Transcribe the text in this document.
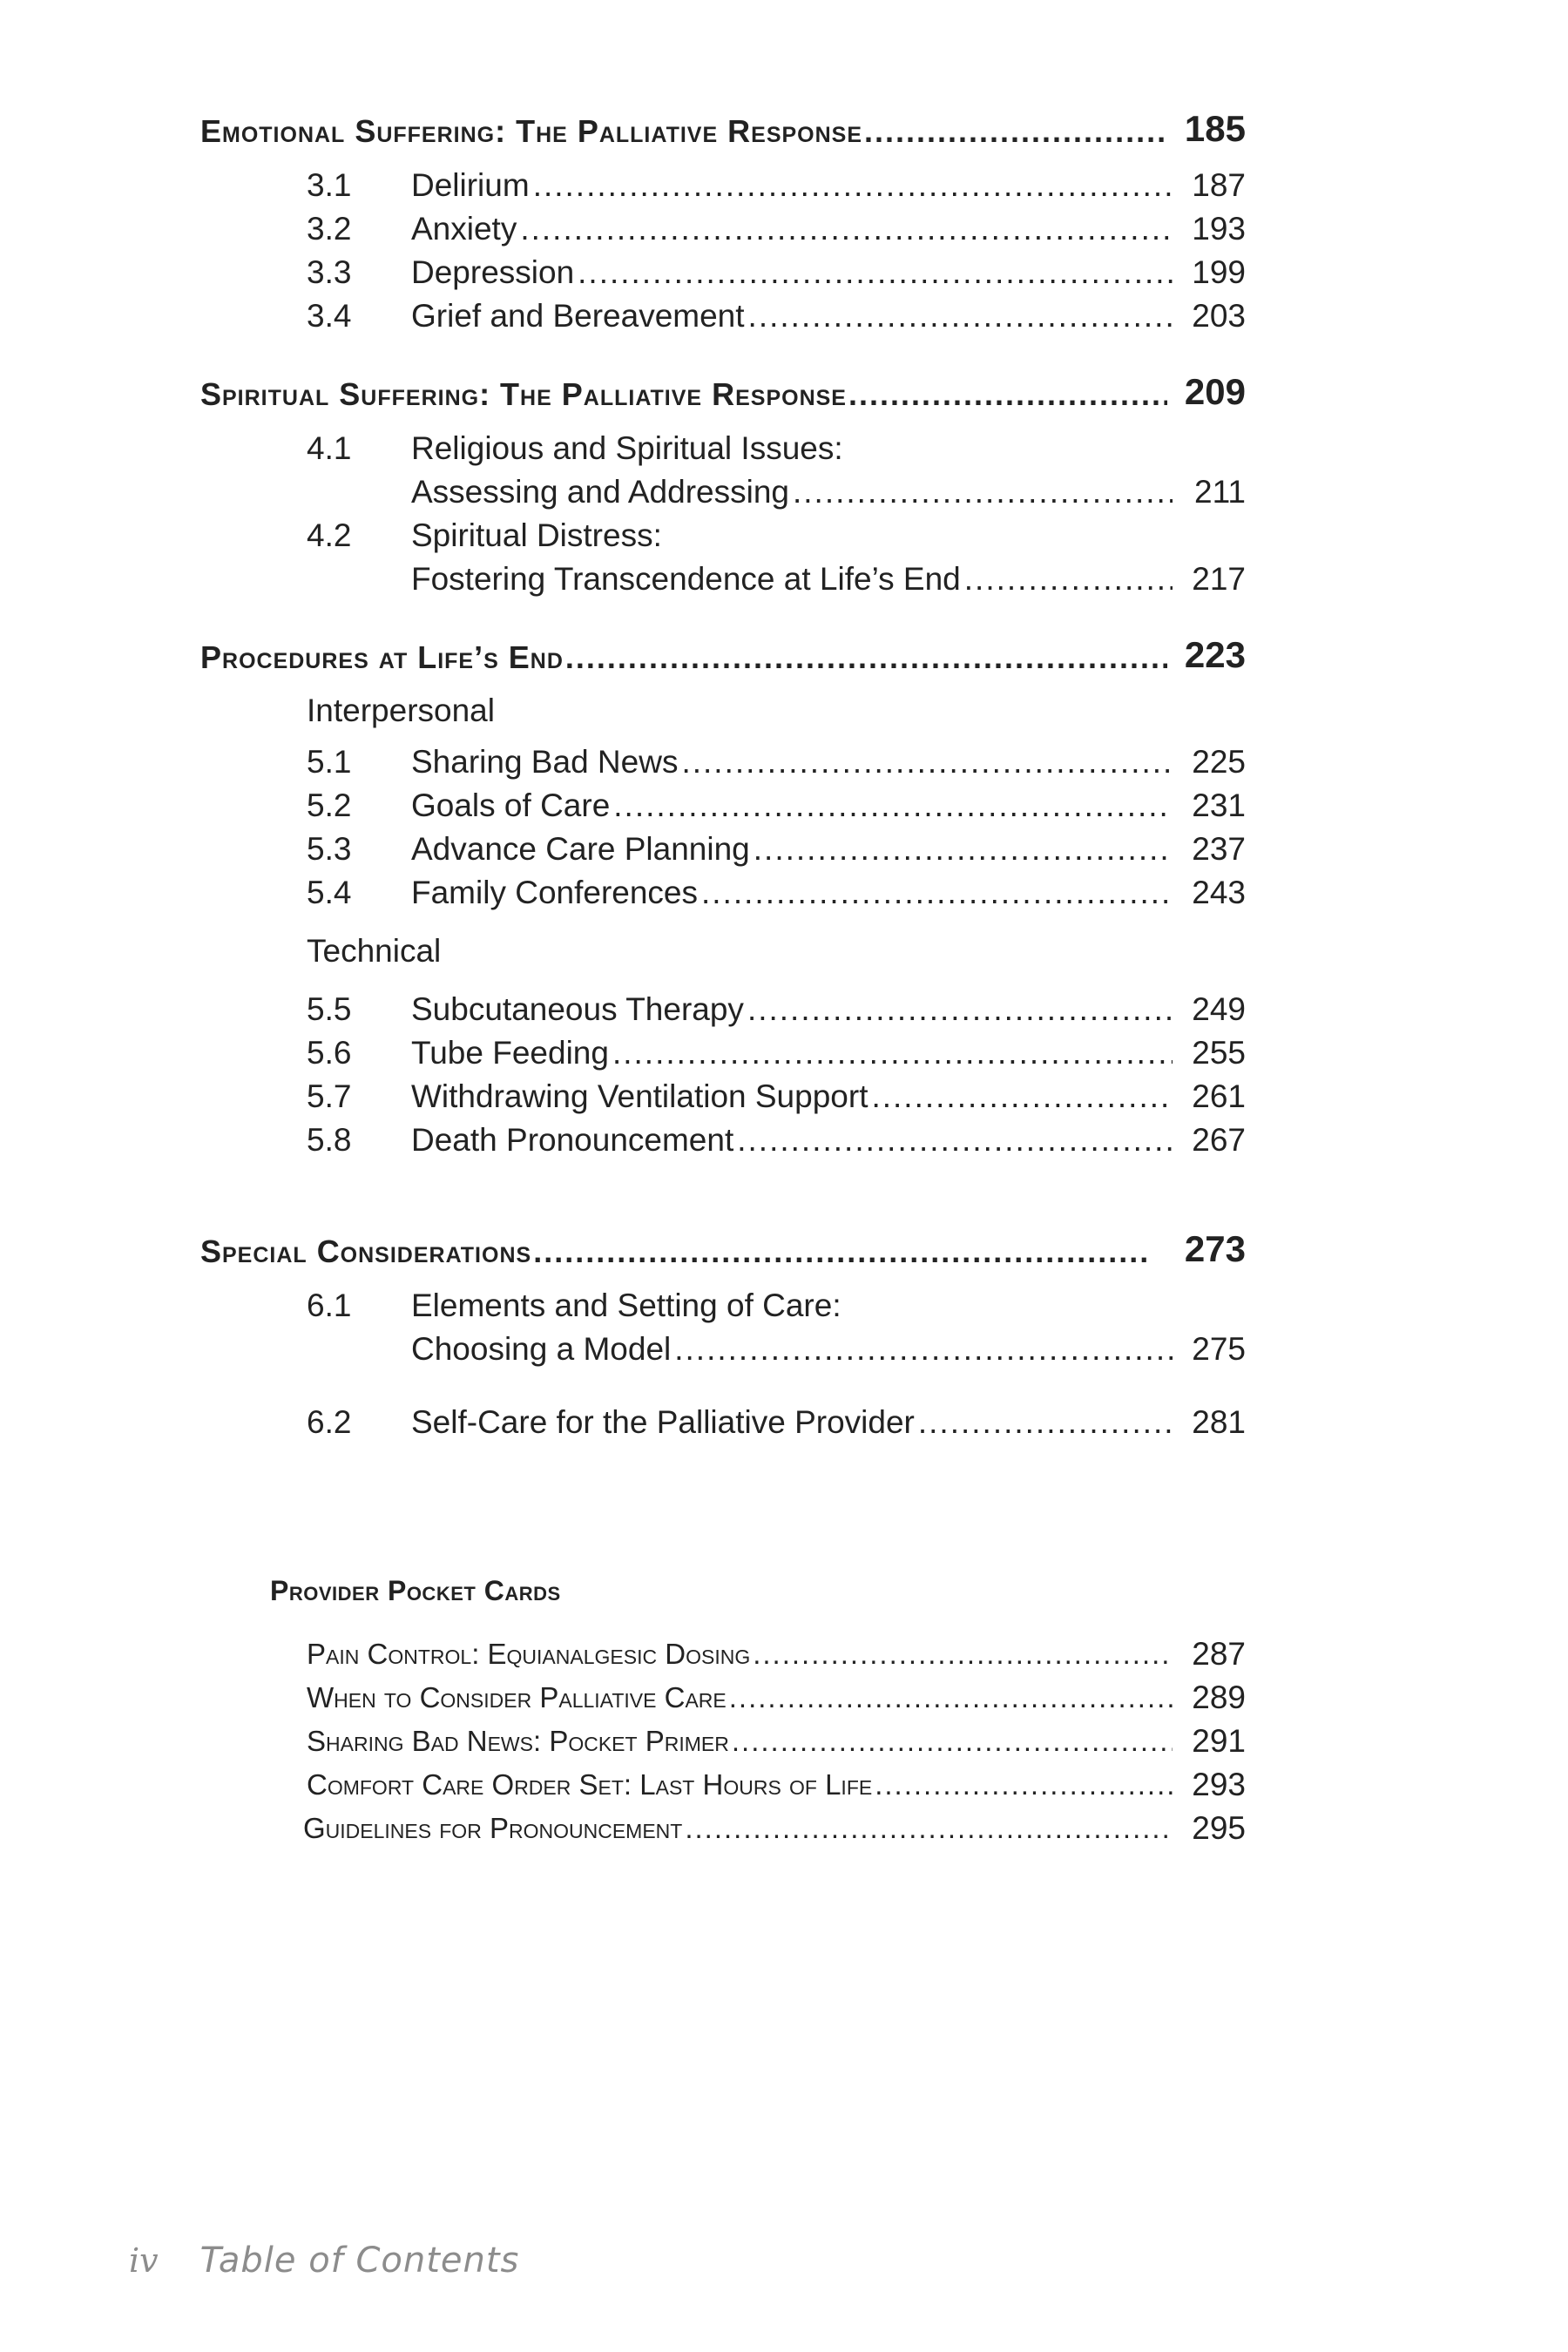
Emotional Suffering: The Palliative Response .....	185
3.1 Delirium .....	187
3.2 Anxiety .....	193
3.3 Depression .....	199
3.4 Grief and Bereavement .....	203
Spiritual Suffering: The Palliative Response .....	209
4.1 Religious and Spiritual Issues:
Assessing and Addressing .....	211
4.2 Spiritual Distress:
Fostering Transcendence at Life’s End .....	217
Procedures at Life’s End .....	223
Interpersonal
5.1 Sharing Bad News .....	225
5.2 Goals of Care .....	231
5.3 Advance Care Planning .....	237
5.4 Family Conferences .....	243
Technical
5.5 Subcutaneous Therapy .....	249
5.6 Tube Feeding .....	255
5.7 Withdrawing Ventilation Support .....	261
5.8 Death Pronouncement .....	267
Special Considerations .....	273
6.1 Elements and Setting of Care:
Choosing a Model .....	275
6.2 Self-Care for the Palliative Provider .....	281
Provider Pocket Cards
Pain Control: Equianalgesic Dosing .....	287
When to Consider Palliative Care .....	289
Sharing Bad News: Pocket Primer .....	291
Comfort Care Order Set: Last Hours of Life .....	293
Guidelines for Pronouncement .....	295
iv Table of Contents
